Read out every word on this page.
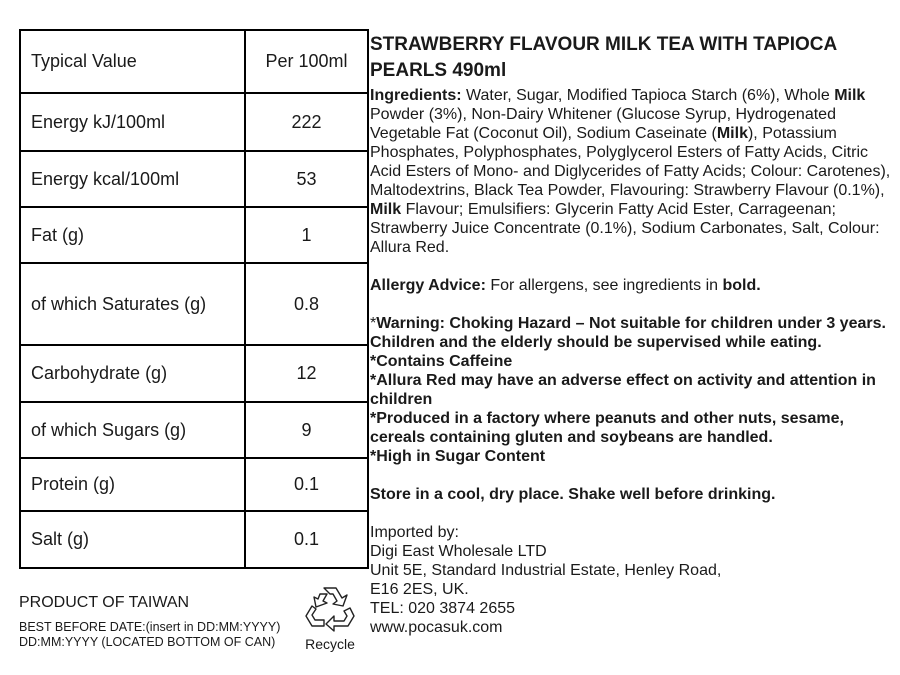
Typical Value	Per 100ml
Energy kJ/100ml	222
Energy kcal/100ml	53
Fat (g)	1
of which Saturates (g)	0.8
Carbohydrate (g)	12
of which Sugars (g)	9
Protein (g)	0.1
Salt (g)	0.1
PRODUCT OF TAIWAN
BEST BEFORE DATE:(insert in DD:MM:YYYY)
DD:MM:YYYY (LOCATED BOTTOM OF CAN)	Recycle
STRAWBERRY FLAVOUR MILK TEA WITH TAPIOCA PEARLS 490ml

Ingredients: Water, Sugar, Modified Tapioca Starch (6%), Whole Milk Powder (3%), Non-Dairy Whitener (Glucose Syrup, Hydrogenated Vegetable Fat (Coconut Oil), Sodium Caseinate (Milk), Potassium Phosphates, Polyphosphates, Polyglycerol Esters of Fatty Acids, Citric Acid Esters of Mono- and Diglycerides of Fatty Acids; Colour: Carotenes), Maltodextrins, Black Tea Powder, Flavouring: Strawberry Flavour (0.1%), Milk Flavour; Emulsifiers: Glycerin Fatty Acid Ester, Carrageenan; Strawberry Juice Concentrate (0.1%), Sodium Carbonates, Salt, Colour: Allura Red.

Allergy Advice: For allergens, see ingredients in bold.

*Warning: Choking Hazard – Not suitable for children under 3 years. Children and the elderly should be supervised while eating.
*Contains Caffeine
*Allura Red may have an adverse effect on activity and attention in children
*Produced in a factory where peanuts and other nuts, sesame, cereals containing gluten and soybeans are handled.
*High in Sugar Content

Store in a cool, dry place. Shake well before drinking.

Imported by:
Digi East Wholesale LTD
Unit 5E, Standard Industrial Estate, Henley Road,
E16 2ES, UK.
TEL: 020 3874 2655
www.pocasuk.com
